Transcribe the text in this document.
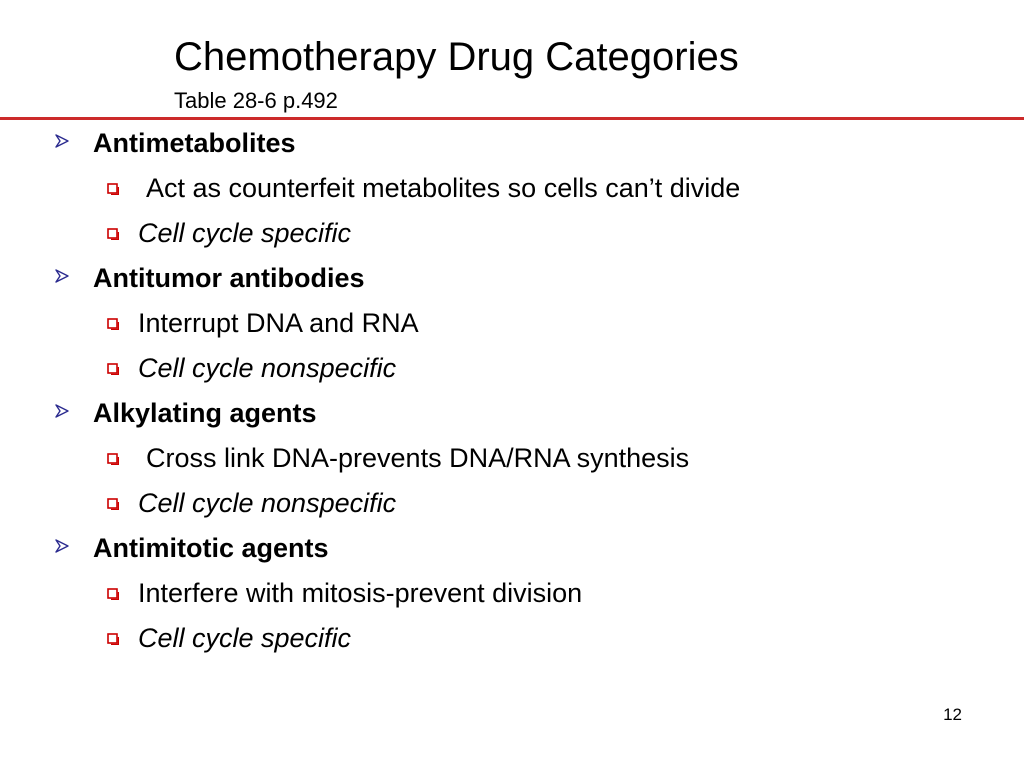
Chemotherapy Drug Categories
Table 28-6 p.492
Antimetabolites
Act as counterfeit metabolites so cells can’t divide
Cell cycle specific
Antitumor antibodies
Interrupt DNA and RNA
Cell cycle nonspecific
Alkylating agents
Cross link DNA-prevents DNA/RNA synthesis
Cell cycle nonspecific
Antimitotic agents
Interfere with mitosis-prevent division
Cell cycle specific
12
